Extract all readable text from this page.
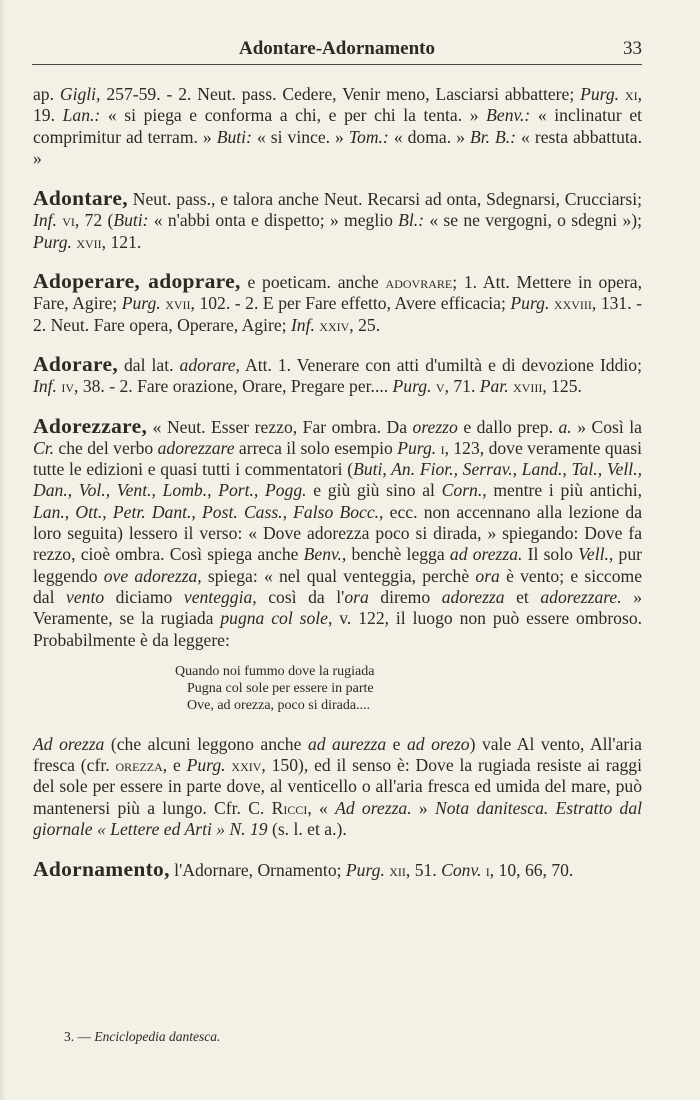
Adontare-Adornamento	33
ap. Gigli, 257-59. - 2. Neut. pass. Cedere, Venir meno, Lasciarsi abbattere; Purg. xi, 19. Lan.: « si piega e conforma a chi, e per chi la tenta. » Benv.: « inclinatur et comprimitur ad terram. » Buti: « si vince. » Tom.: « doma. » Br. B.: « resta abbattuta. »
Adontare, Neut. pass., e talora anche Neut. Recarsi ad onta, Sdegnarsi, Crucciarsi; Inf. vi, 72 (Buti: « n'abbi onta e dispetto; » meglio Bl.: « se ne vergogni, o sdegni »); Purg. xvii, 121.
Adoperare, adoprare, e poeticam. anche adovrare; 1. Att. Mettere in opera, Fare, Agire; Purg. xvii, 102. - 2. E per Fare effetto, Avere efficacia; Purg. xxviii, 131. - 2. Neut. Fare opera, Operare, Agire; Inf. xxiv, 25.
Adorare, dal lat. adorare, Att. 1. Venerare con atti d'umiltà e di devozione Iddio; Inf. iv, 38. - 2. Fare orazione, Orare, Pregare per.... Purg. v, 71. Par. xviii, 125.
Adorezzare, « Neut. Esser rezzo, Far ombra. Da orezzo e dallo prep. a. » Così la Cr. che del verbo adorezzare arreca il solo esempio Purg. i, 123, dove veramente quasi tutte le edizioni e quasi tutti i commentatori (Buti, An. Fior., Serrav., Land., Tal., Vell., Dan., Vol., Vent., Lomb., Port., Pogg. e giù giù sino al Corn., mentre i più antichi, Lan., Ott., Petr. Dant., Post. Cass., Falso Bocc., ecc. non accennano alla lezione da loro seguita) lessero il verso: « Dove adorezza poco si dirada, » spiegando: Dove fa rezzo, cioè ombra. Così spiega anche Benv., benchè legga ad orezza. Il solo Vell., pur leggendo ove adorezza, spiega: « nel qual venteggia, perchè ora è vento; e siccome dal vento diciamo venteggia, così da l'ora diremo adorezza et adorezzare. » Veramente, se la rugiada pugna col sole, v. 122, il luogo non può essere ombroso. Probabilmente è da leggere:
Quando noi fummo dove la rugiada
Pugna col sole per essere in parte
Ove, ad orezza, poco si dirada....
Ad orezza (che alcuni leggono anche ad aurezza e ad orezo) vale Al vento, All'aria fresca (cfr. orezza, e Purg. xxiv, 150), ed il senso è: Dove la rugiada resiste ai raggi del sole per essere in parte dove, al venticello o all'aria fresca ed umida del mare, può mantenersi più a lungo. Cfr. C. Ricci, « Ad orezza. » Nota danitesca. Estratto dal giornale « Lettere ed Arti » N. 19 (s. l. et a.).
Adornamento, l'Adornare, Ornamento; Purg. xii, 51. Conv. i, 10, 66, 70.
3. — Enciclopedia dantesca.
